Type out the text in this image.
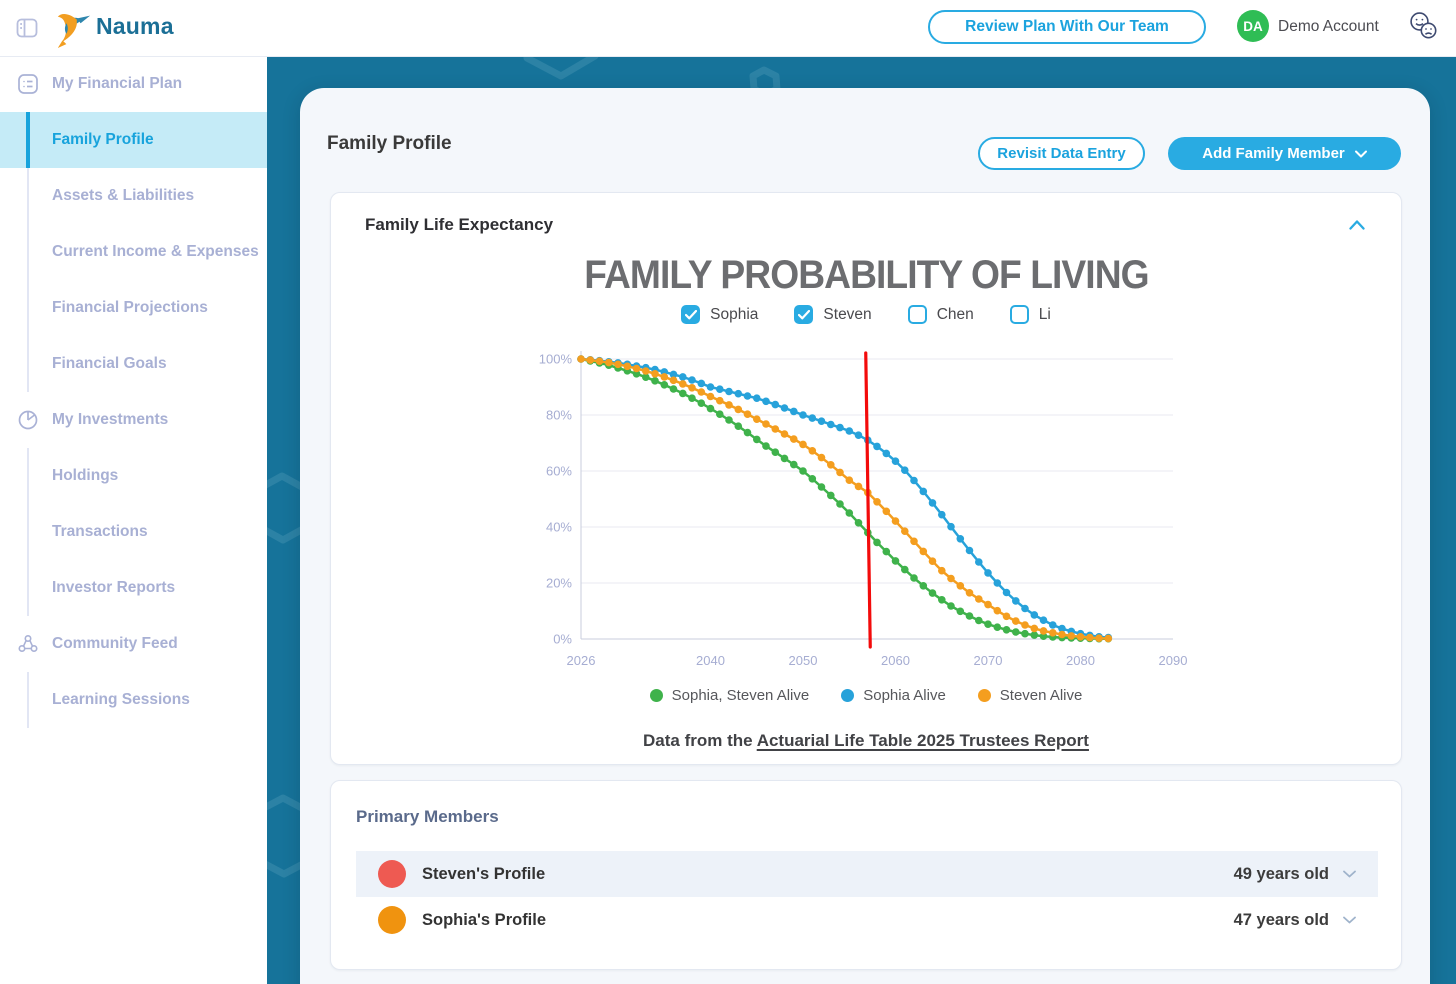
Nauma	Review Plan With Our Team	DA Demo Account
My Financial Plan
Family Profile
Assets & Liabilities
Current Income & Expenses
Financial Projections
Financial Goals
My Investments
Holdings
Transactions
Investor Reports
Community Feed
Learning Sessions
Family Profile	Revisit Data Entry	Add Family Member
Family Life Expectancy
FAMILY PROBABILITY OF LIVING
Sophia	Steven	Chen	Li
0%
20%
40%
60%
80%
100%
2026	2040	2050	2060	2070	2080	2090
Sophia, Steven Alive	Sophia Alive	Steven Alive
Data from the Actuarial Life Table 2025 Trustees Report
Primary Members
Steven's Profile	49 years old
Sophia's Profile	47 years old
